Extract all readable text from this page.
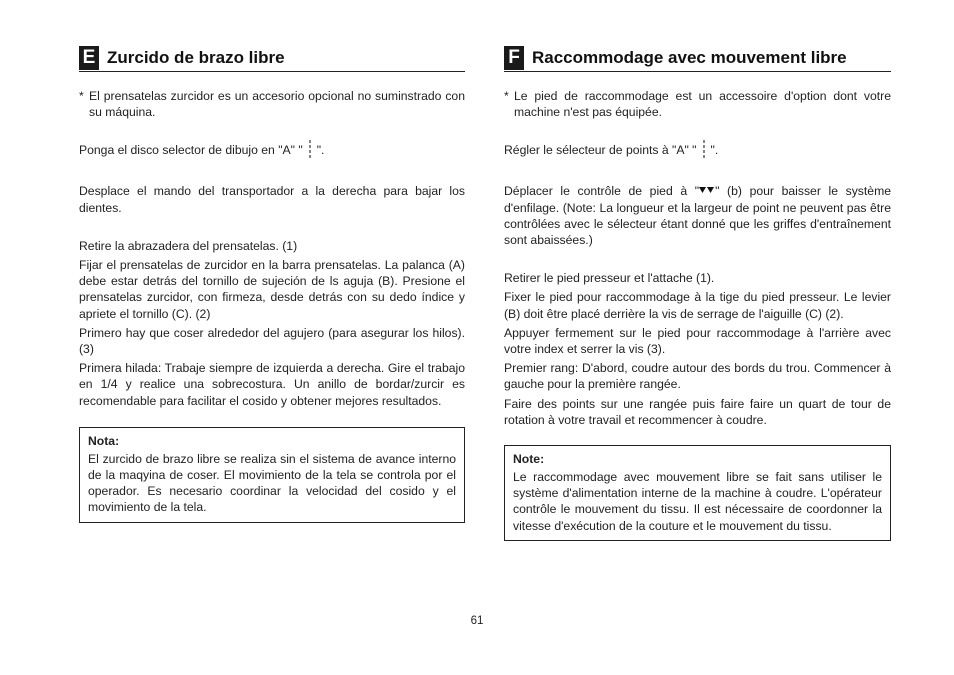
E Zurcido de brazo libre
* El prensatelas zurcidor es un accesorio opcional no suminstrado con su máquina.

Ponga el disco selector de dibujo en "A" " ".

Desplace el mando del transportador a la derecha para bajar los dientes.

Retire la abrazadera del prensatelas. (1)

Fijar el prensatelas de zurcidor en la barra prensatelas. La palanca (A) debe estar detrás del tornillo de sujeción de ls aguja (B). Presione el prensatelas zurcidor, con firmeza, desde detrás con su dedo índice y apriete el tornillo (C). (2)

Primero hay que coser alrededor del agujero (para asegurar los hilos). (3)

Primera hilada: Trabaje siempre de izquierda a derecha. Gire el trabajo en 1/4 y realice una sobrecostura. Un anillo de bordar/zurcir es recomendable para facilitar el cosido y obtener mejores resultados.

Nota:

El zurcido de brazo libre se realiza sin el sistema de avance interno de la maqyina de coser. El movimiento de la tela se controla por el operador. Es necesario coordinar la velocidad del cosido y el movimiento de la tela.

F Raccommodage avec mouvement libre
* Le pied de raccommodage est un accessoire d'option dont votre machine n'est pas équipée.

Régler le sélecteur de points à "A" " ".

Déplacer le contrôle de pied à " " (b) pour baisser le système d'enfilage. (Note: La longueur et la largeur de point ne peuvent pas être contrôlées avec le sélecteur étant donné que les griffes d'entraînement sont abaissées.)

Retirer le pied presseur et l'attache (1).

Fixer le pied pour raccommodage à la tige du pied presseur. Le levier (B) doit être placé derrière la vis de serrage de l'aiguille (C) (2).

Appuyer fermement sur le pied pour raccommodage à l'arrière avec votre index et serrer la vis (3).

Premier rang: D'abord, coudre autour des bords du trou. Commencer à gauche pour la première rangée.

Faire des points sur une rangée puis faire faire un quart de tour de rotation à votre travail et recommencer à coudre.

Note:

Le raccommodage avec mouvement libre se fait sans utiliser le système d'alimentation interne de la machine à coudre. L'opérateur contrôle le mouvement du tissu. Il est nécessaire de coordonner la vitesse d'exécution de la couture et le mouvement du tissu.

61
